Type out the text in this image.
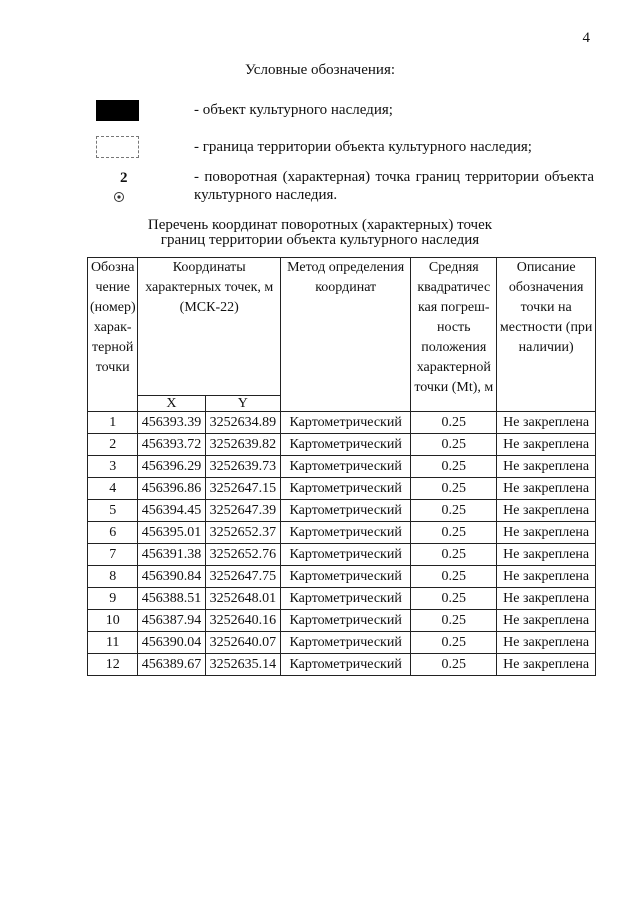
4
Условные обозначения:
- объект культурного наследия;
- граница территории объекта культурного наследия;
2	- поворотная (характерная) точка границ территории объекта культурного наследия.
Перечень координат поворотных (характерных) точек
границ территории объекта культурного наследия
Обозна чение (номер) харак-терной точки	Координаты характерных точек, м (МСК-22)		Метод определения координат	Средняя квадратичес кая погреш-ность положения характерной точки (Mt), м	Описание обозначения точки на местности (при наличии)
	X	Y			
1	456393.39	3252634.89	Картометрический	0.25	Не закреплена
2	456393.72	3252639.82	Картометрический	0.25	Не закреплена
3	456396.29	3252639.73	Картометрический	0.25	Не закреплена
4	456396.86	3252647.15	Картометрический	0.25	Не закреплена
5	456394.45	3252647.39	Картометрический	0.25	Не закреплена
6	456395.01	3252652.37	Картометрический	0.25	Не закреплена
7	456391.38	3252652.76	Картометрический	0.25	Не закреплена
8	456390.84	3252647.75	Картометрический	0.25	Не закреплена
9	456388.51	3252648.01	Картометрический	0.25	Не закреплена
10	456387.94	3252640.16	Картометрический	0.25	Не закреплена
11	456390.04	3252640.07	Картометрический	0.25	Не закреплена
12	456389.67	3252635.14	Картометрический	0.25	Не закреплена
